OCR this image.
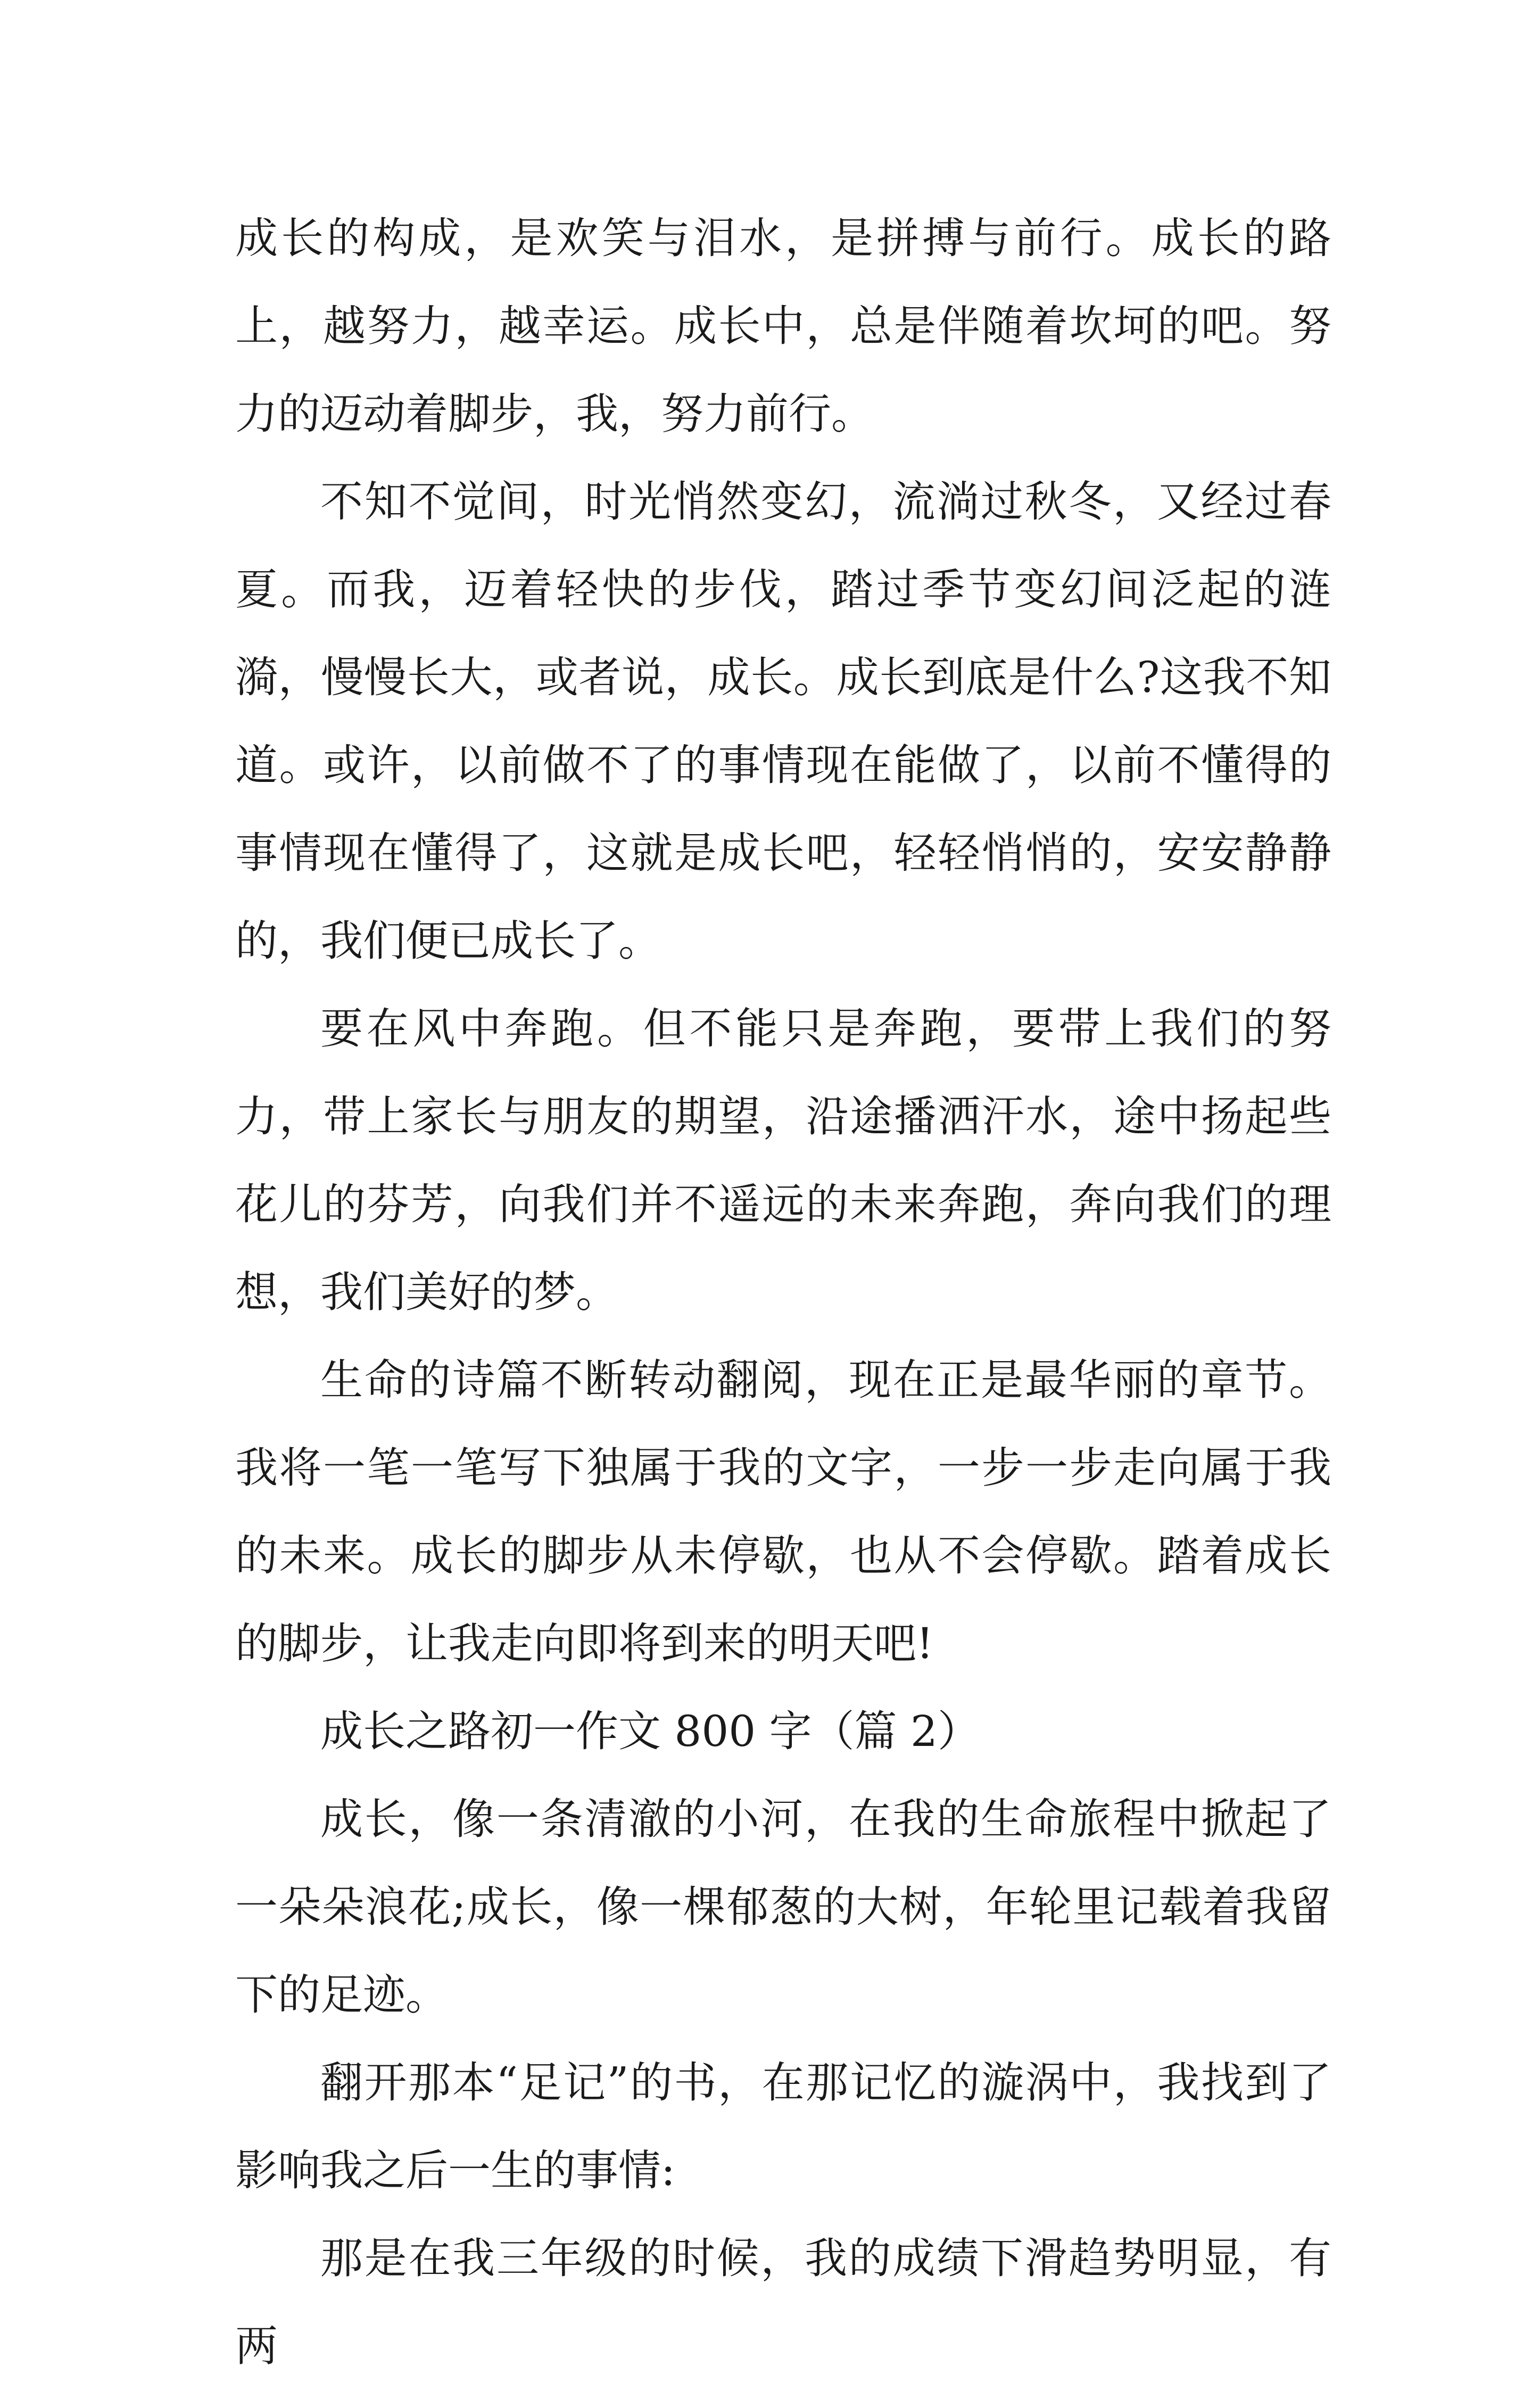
成长的构成，是欢笑与泪水，是拼搏与前行。成长的路上，越努力，越幸运。成长中，总是伴随着坎坷的吧。努力的迈动着脚步，我，努力前行。

不知不觉间，时光悄然变幻，流淌过秋冬，又经过春夏。而我，迈着轻快的步伐，踏过季节变幻间泛起的涟漪，慢慢长大，或者说，成长。成长到底是什么?这我不知道。或许，以前做不了的事情现在能做了，以前不懂得的事情现在懂得了，这就是成长吧，轻轻悄悄的，安安静静的，我们便已成长了。

要在风中奔跑。但不能只是奔跑，要带上我们的努力，带上家长与朋友的期望，沿途播洒汗水，途中扬起些花儿的芬芳，向我们并不遥远的未来奔跑，奔向我们的理想，我们美好的梦。

生命的诗篇不断转动翻阅，现在正是最华丽的章节。我将一笔一笔写下独属于我的文字，一步一步走向属于我的未来。成长的脚步从未停歇，也从不会停歇。踏着成长的脚步，让我走向即将到来的明天吧!

成长之路初一作文 800 字（篇 2）

成长，像一条清澈的小河，在我的生命旅程中掀起了一朵朵浪花;成长，像一棵郁葱的大树，年轮里记载着我留下的足迹。

翻开那本“足记”的书，在那记忆的漩涡中，我找到了影响我之后一生的事情:

那是在我三年级的时候，我的成绩下滑趋势明显，有两
